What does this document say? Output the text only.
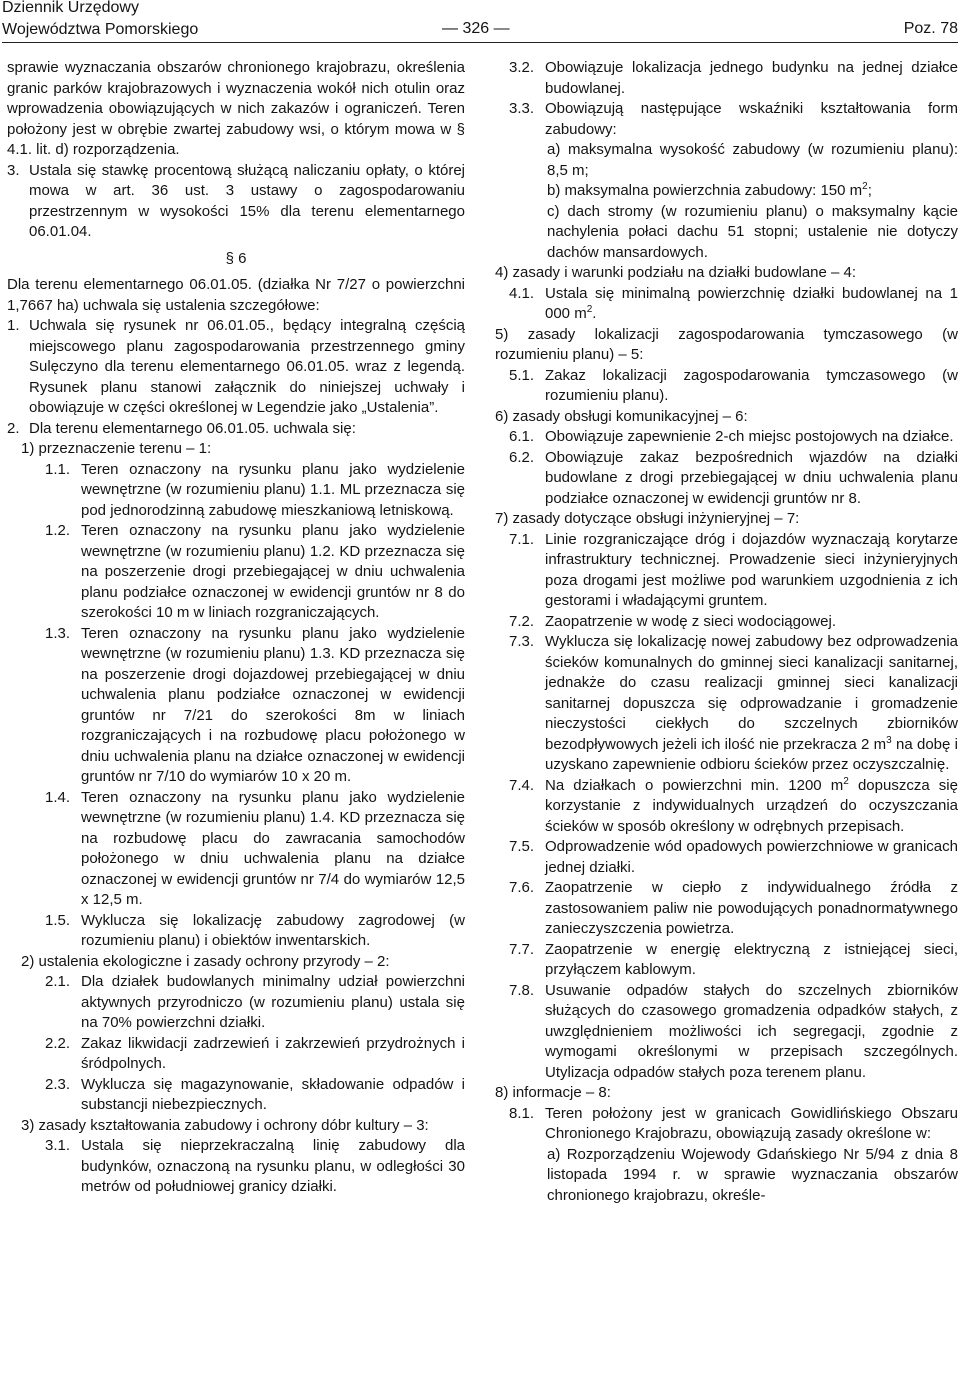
Dziennik Urzędowy
Województwa Pomorskiego	— 326 —	Poz. 78

sprawie wyznaczania obszarów chronionego krajobrazu, określenia granic parków krajobrazowych i wyznaczenia wokół nich otulin oraz wprowadzenia obowiązujących w nich zakazów i ograniczeń. Teren położony jest w obrębie zwartej zabudowy wsi, o którym mowa w § 4.1. lit. d) rozporządzenia.

3. Ustala się stawkę procentową służącą naliczaniu opłaty, o której mowa w art. 36 ust. 3 ustawy o zagospodarowaniu przestrzennym w wysokości 15% dla terenu elementarnego 06.01.04.

§ 6

Dla terenu elementarnego 06.01.05. (działka Nr 7/27 o powierzchni 1,7667 ha) uchwala się ustalenia szczegółowe:

1. Uchwala się rysunek nr 06.01.05., będący integralną częścią miejscowego planu zagospodarowania przestrzennego gminy Sulęczyno dla terenu elementarnego 06.01.05. wraz z legendą. Rysunek planu stanowi załącznik do niniejszej uchwały i obowiązuje w części określonej w Legendzie jako „Ustalenia”.
2. Dla terenu elementarnego 06.01.05. uchwala się:

1) przeznaczenie terenu – 1:

1.1. Teren oznaczony na rysunku planu jako wydzielenie wewnętrzne (w rozumieniu planu) 1.1. ML przeznacza się pod jednorodzinną zabudowę mieszkaniową letniskową.
1.2. Teren oznaczony na rysunku planu jako wydzielenie wewnętrzne (w rozumieniu planu) 1.2. KD przeznacza się na poszerzenie drogi przebiegającej w dniu uchwalenia planu podziałce oznaczonej w ewidencji gruntów nr 8 do szerokości 10 m w liniach rozgraniczających.
1.3. Teren oznaczony na rysunku planu jako wydzielenie wewnętrzne (w rozumieniu planu) 1.3. KD przeznacza się na poszerzenie drogi dojazdowej przebiegającej w dniu uchwalenia planu podziałce oznaczonej w ewidencji gruntów nr 7/21 do szerokości 8m w liniach rozgraniczających i na rozbudowę placu położonego w dniu uchwalenia planu na działce oznaczonej w ewidencji gruntów nr 7/10 do wymiarów 10 x 20 m.
1.4. Teren oznaczony na rysunku planu jako wydzielenie wewnętrzne (w rozumieniu planu) 1.4. KD przeznacza się na rozbudowę placu do zawracania samochodów położonego w dniu uchwalenia planu na działce oznaczonej w ewidencji gruntów nr 7/4 do wymiarów 12,5 x 12,5 m.
1.5. Wyklucza się lokalizację zabudowy zagrodowej (w rozumieniu planu) i obiektów inwentarskich.

2) ustalenia ekologiczne i zasady ochrony przyrody – 2:

2.1. Dla działek budowlanych minimalny udział powierzchni aktywnych przyrodniczo (w rozumieniu planu) ustala się na 70% powierzchni działki.
2.2. Zakaz likwidacji zadrzewień i zakrzewień przydrożnych i śródpolnych.
2.3. Wyklucza się magazynowanie, składowanie odpadów i substancji niebezpiecznych.

3) zasady kształtowania zabudowy i ochrony dóbr kultury – 3:

3.1. Ustala się nieprzekraczalną linię zabudowy dla budynków, oznaczoną na rysunku planu, w odległości 30 metrów od południowej granicy działki.
3.2. Obowiązuje lokalizacja jednego budynku na jednej działce budowlanej.
3.3. Obowiązują następujące wskaźniki kształtowania form zabudowy:

a) maksymalna wysokość zabudowy (w rozumieniu planu): 8,5 m;

b) maksymalna powierzchnia zabudowy: 150 $m^2$;

c) dach stromy (w rozumieniu planu) o maksymalny kącie nachylenia połaci dachu 51 stopni; ustalenie nie dotyczy dachów mansardowych.

4) zasady i warunki podziału na działki budowlane – 4:

4.1. Ustala się minimalną powierzchnię działki budowlanej na 1 000 $m^2$.

5) zasady lokalizacji zagospodarowania tymczasowego (w rozumieniu planu) – 5:

5.1. Zakaz lokalizacji zagospodarowania tymczasowego (w rozumieniu planu).

6) zasady obsługi komunikacyjnej – 6:

6.1. Obowiązuje zapewnienie 2-ch miejsc postojowych na działce.
6.2. Obowiązuje zakaz bezpośrednich wjazdów na działki budowlane z drogi przebiegającej w dniu uchwalenia planu podziałce oznaczonej w ewidencji gruntów nr 8.

7) zasady dotyczące obsługi inżynieryjnej – 7:

7.1. Linie rozgraniczające dróg i dojazdów wyznaczają korytarze infrastruktury technicznej. Prowadzenie sieci inżynieryjnych poza drogami jest możliwe pod warunkiem uzgodnienia z ich gestorami i władającymi gruntem.
7.2. Zaopatrzenie w wodę z sieci wodociągowej.
7.3. Wyklucza się lokalizację nowej zabudowy bez odprowadzenia ścieków komunalnych do gminnej sieci kanalizacji sanitarnej, jednakże do czasu realizacji gminnej sieci kanalizacji sanitarnej dopuszcza się odprowadzanie i gromadzenie nieczystości ciekłych do szczelnych zbiorników bezodpływowych jeżeli ich ilość nie przekracza 2 $m^3$ na dobę i uzyskano zapewnienie odbioru ścieków przez oczyszczalnię.
7.4. Na działkach o powierzchni min. 1200 $m^2$ dopuszcza się korzystanie z indywidualnych urządzeń do oczyszczania ścieków w sposób określony w odrębnych przepisach.
7.5. Odprowadzenie wód opadowych powierzchniowe w granicach jednej działki.
7.6. Zaopatrzenie w ciepło z indywidualnego źródła z zastosowaniem paliw nie powodujących ponadnormatywnego zanieczyszczenia powietrza.
7.7. Zaopatrzenie w energię elektryczną z istniejącej sieci, przyłączem kablowym.
7.8. Usuwanie odpadów stałych do szczelnych zbiorników służących do czasowego gromadzenia odpadków stałych, z uwzględnieniem możliwości ich segregacji, zgodnie z wymogami określonymi w przepisach szczególnych. Utylizacja odpadów stałych poza terenem planu.

8) informacje – 8:

8.1. Teren położony jest w granicach Gowidlińskiego Obszaru Chronionego Krajobrazu, obowiązują zasady określone w:

a) Rozporządzeniu Wojewody Gdańskiego Nr 5/94 z dnia 8 listopada 1994 r. w sprawie wyznaczania obszarów chronionego krajobrazu, określe-
